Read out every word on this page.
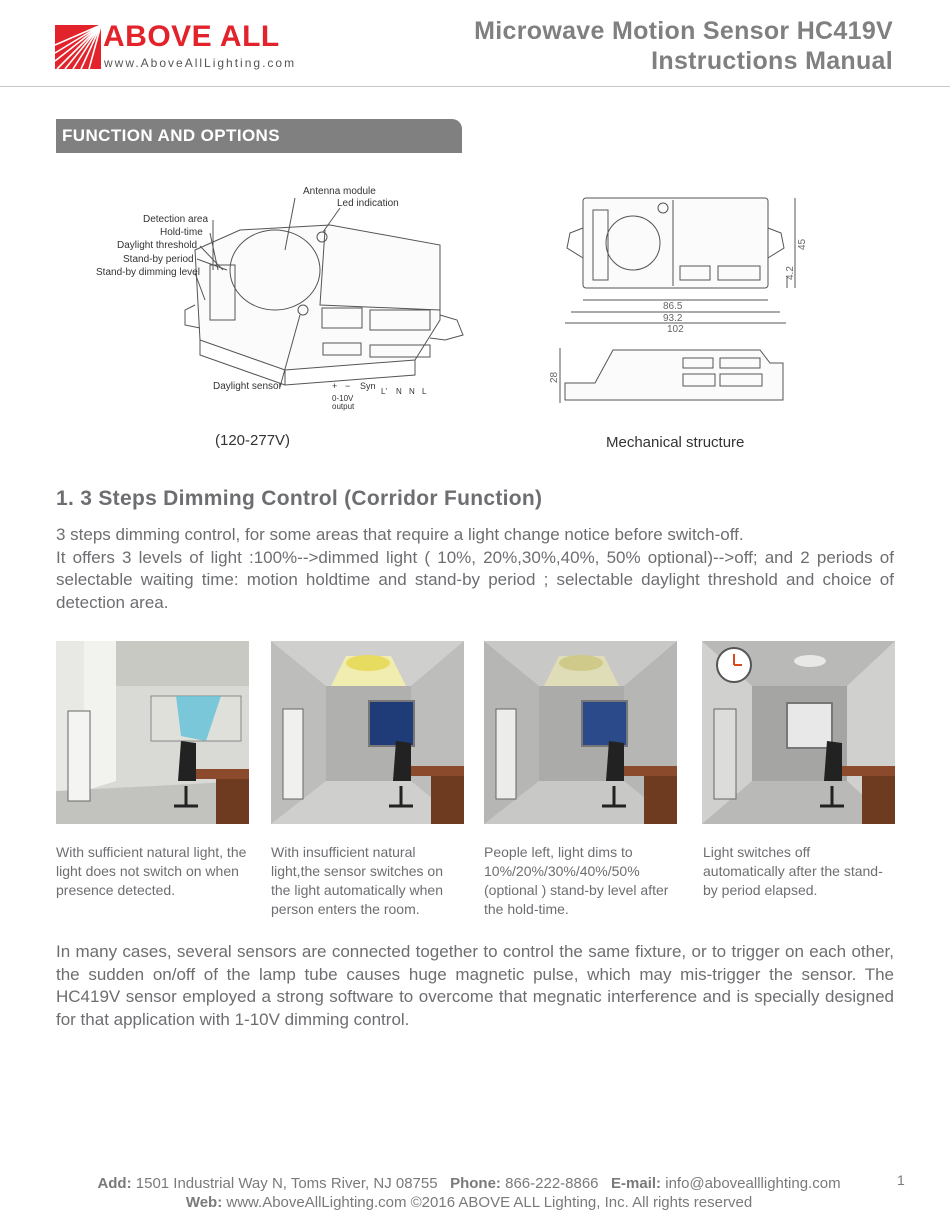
ABOVE ALL
www.AboveAllLighting.com
Microwave Motion Sensor HC419V
Instructions Manual
FUNCTION AND OPTIONS
Antenna module
Led indication
Detection area
Hold-time
Daylight threshold
Stand-by period
Stand-by dimming level
Daylight sensor	+ − Syn
L' N N L
0-10V
output
(120-277V)
86.5
93.2
102
45
4.2
28
Mechanical structure
1. 3 Steps Dimming Control (Corridor Function)

3 steps dimming control, for some areas that require a light change notice before switch-off.

It offers 3 levels of light :100%-->dimmed light ( 10%, 20%,30%,40%, 50% optional)-->off; and 2 periods of selectable waiting time: motion holdtime and stand-by period ; selectable daylight threshold and choice of detection area.

With sufficient natural light, the light does not switch on when presence detected.
With insufficient natural light,the sensor switches on the light automatically when person enters the room.
People left, light dims to 10%/20%/30%/40%/50% (optional ) stand-by level after the hold-time.
Light switches off automatically after the stand-by period elapsed.
In many cases, several sensors are connected together to control the same fixture, or to trigger on each other, the sudden on/off of the lamp tube causes huge magnetic pulse, which may mis-trigger the sensor. The HC419V sensor employed a strong software to overcome that megnatic interference and is specially designed for that application with 1-10V dimming control.
Add: 1501 Industrial Way N, Toms River, NJ 08755 Phone: 866-222-8866 E-mail: info@abovealllighting.com
Web: www.AboveAllLighting.com ©2016 ABOVE ALL Lighting, Inc. All rights reserved
1
